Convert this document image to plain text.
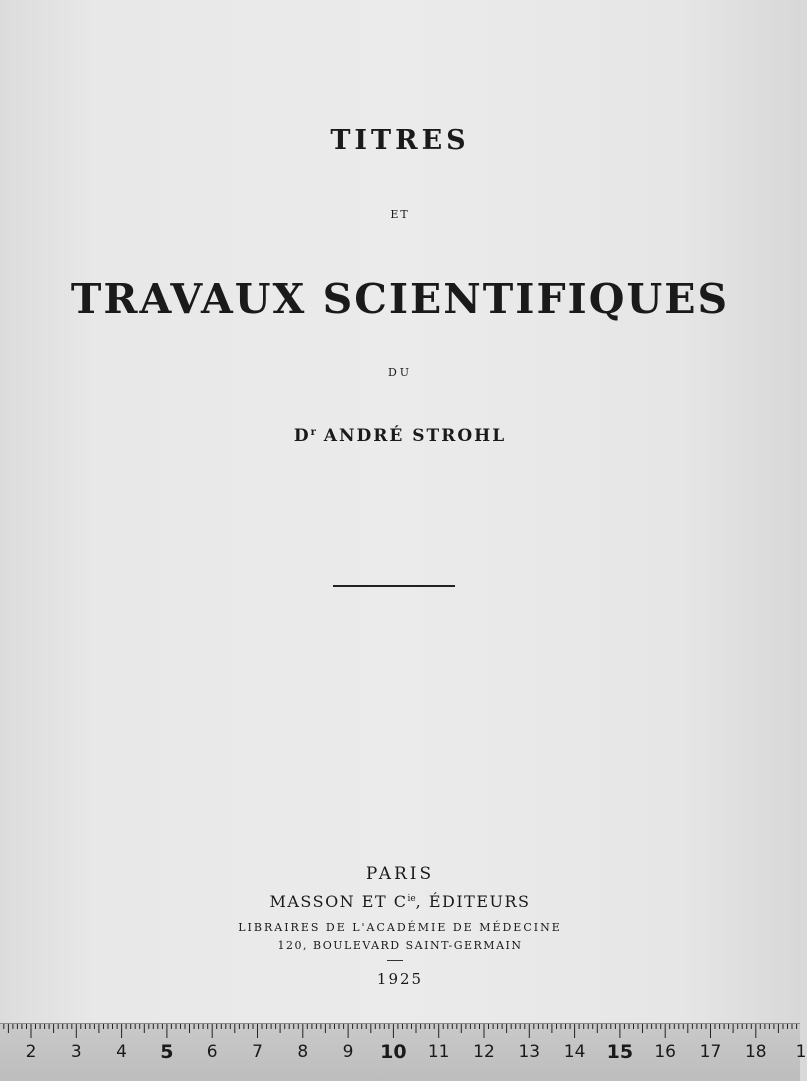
TITRES
ET
TRAVAUX SCIENTIFIQUES
DU
$D^r$ ANDRÉ STROHL
PARIS
MASSON ET $C^{ie}$, ÉDITEURS
LIBRAIRES DE L'ACADÉMIE DE MÉDECINE
120, BOULEVARD SAINT-GERMAIN
1925
2 3 4 5 6 7 8 9 10 11 12 13 14 15 16 17 18 1
